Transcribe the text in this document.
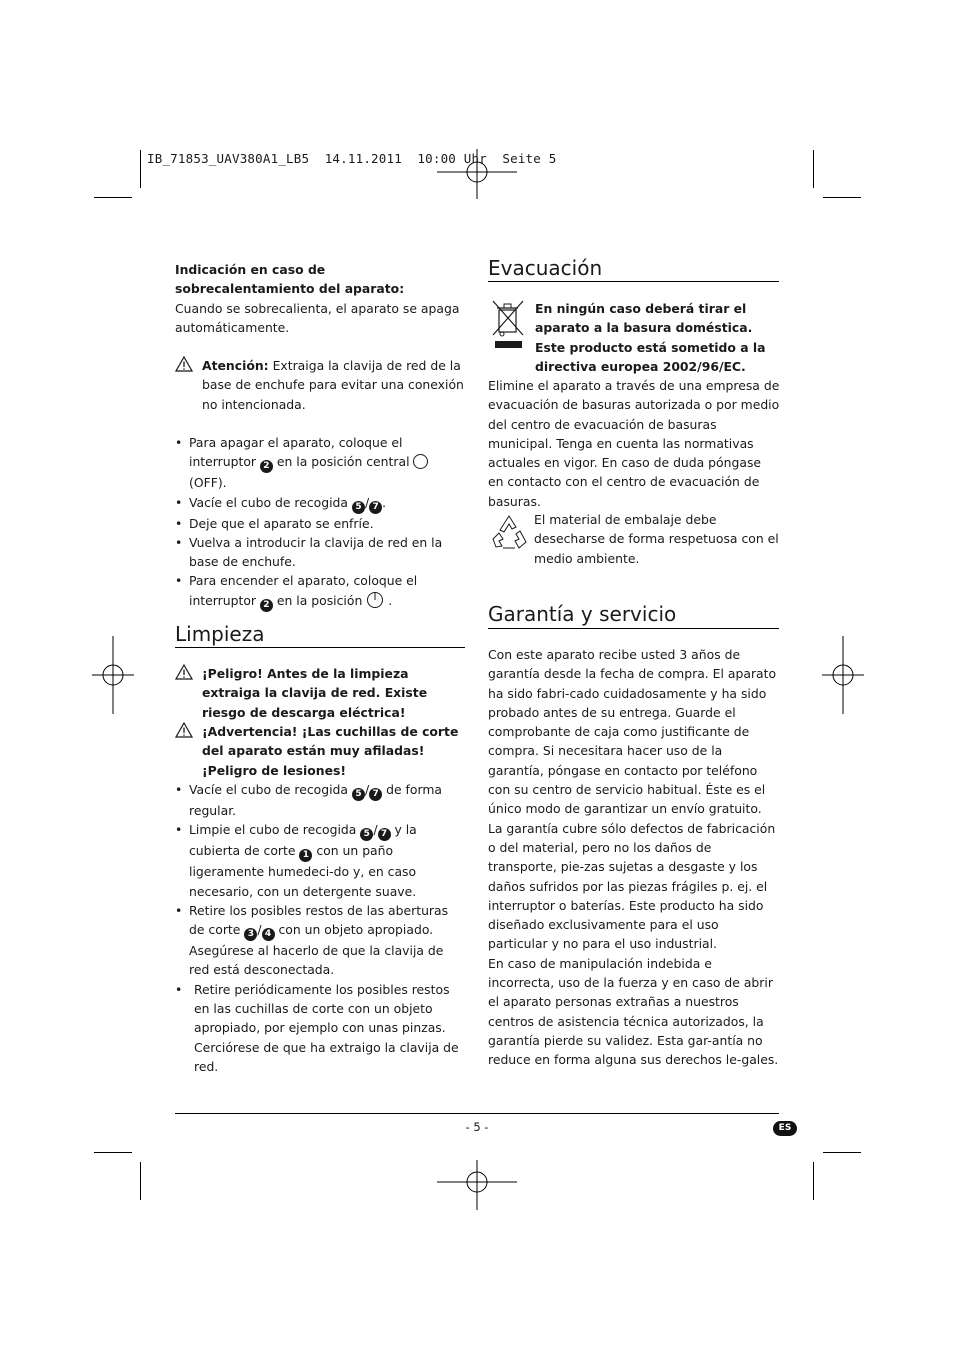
IB_71853_UAV380A1_LB5  14.11.2011  10:00 Uhr  Seite 5

Indicación en caso de sobrecalentamiento del aparato:

Cuando se sobrecalienta, el aparato se apaga automáticamente.

Atención: Extraiga la clavija de red de la base de enchufe para evitar una conexión no intencionada.

• Para apagar el aparato, coloque el interruptor 2 en la posición central  (OFF).
• Vacíe el cubo de recogida 5 / 7 .
• Deje que el aparato se enfríe.
• Vuelva a introducir la clavija de red en la base de enchufe.
• Para encender el aparato, coloque el interruptor 2 en la posición  .
Limpieza
¡Peligro! Antes de la limpieza extraiga la clavija de red. Existe riesgo de descarga eléctrica!

¡Advertencia! ¡Las cuchillas de corte del aparato están muy afiladas!

¡Peligro de lesiones!

• Vacíe el cubo de recogida 5 / 7 de forma regular.
• Limpie el cubo de recogida 5 / 7 y la cubierta de corte 1 con un paño ligeramente humedeci-do y, en caso necesario, con un detergente suave.
• Retire los posibles restos de las aberturas de corte 3 / 4 con un objeto apropiado. Asegúrese al hacerlo de que la clavija de red está desconectada.
• Retire periódicamente los posibles restos en las cuchillas de corte con un objeto apropiado, por ejemplo con unas pinzas. Cerciórese de que ha extraigo la clavija de red.
Evacuación
En ningún caso deberá tirar el aparato a la basura doméstica. Este producto está sometido a la directiva europea 2002/96/EC.
Elimine el aparato a través de una empresa de evacuación de basuras autorizada o por medio del centro de evacuación de basuras municipal. Tenga en cuenta las normativas actuales en vigor. En caso de duda póngase en contacto con el centro de evacuación de basuras.
El material de embalaje debe desecharse de forma respetuosa con el medio ambiente.
Garantía y servicio

Con este aparato recibe usted 3 años de garantía desde la fecha de compra. El aparato ha sido fabri-cado cuidadosamente y ha sido probado antes de su entrega. Guarde el comprobante de caja como justificante de compra. Si necesitara hacer uso de la garantía, póngase en contacto por teléfono con su centro de servicio habitual. Éste es el único modo de garantizar un envío gratuito.

La garantía cubre sólo defectos de fabricación o del material, pero no los daños de transporte, pie-zas sujetas a desgaste y los daños sufridos por las piezas frágiles p. ej. el interruptor o baterías. Este producto ha sido diseñado exclusivamente para el uso particular y no para el uso industrial.

En caso de manipulación indebida e incorrecta, uso de la fuerza y en caso de abrir el aparato personas extrañas a nuestros centros de asistencia técnica autorizados, la garantía pierde su validez. Esta gar-antía no reduce en forma alguna sus derechos le-gales.

- 5 -	ES
